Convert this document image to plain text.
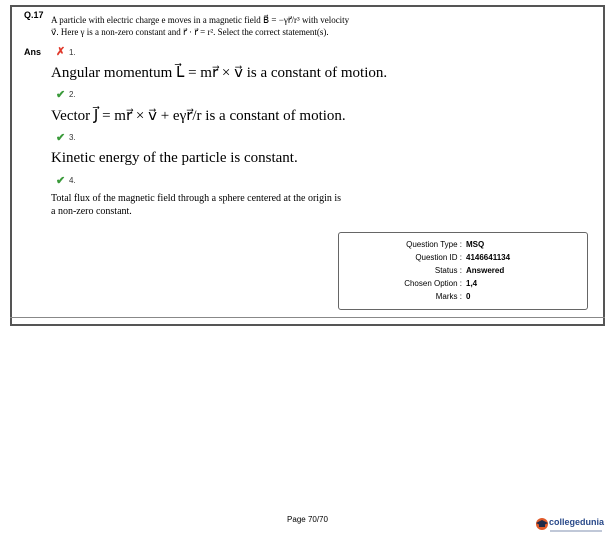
Q.17 A particle with electric charge e moves in a magnetic field B⃗ = −γr⃗/r³ with velocity
v⃗. Here γ is a non-zero constant and r⃗ · r⃗ = r². Select the correct statement(s).
Ans ✗ 1.
Angular momentum L⃗ = mr⃗ × v⃗ is a constant of motion.
✔ 2.
Vector J⃗ = mr⃗ × v⃗ + eγr⃗/r is a constant of motion.
✔ 3.
Kinetic energy of the particle is constant.
✔ 4.
Total flux of the magnetic field through a sphere centered at the origin is
a non-zero constant.
Question Type : MSQ
Question ID : 4146641134
Status : Answered
Chosen Option : 1,4
Marks : 0
Page 70/70	collegedunia
